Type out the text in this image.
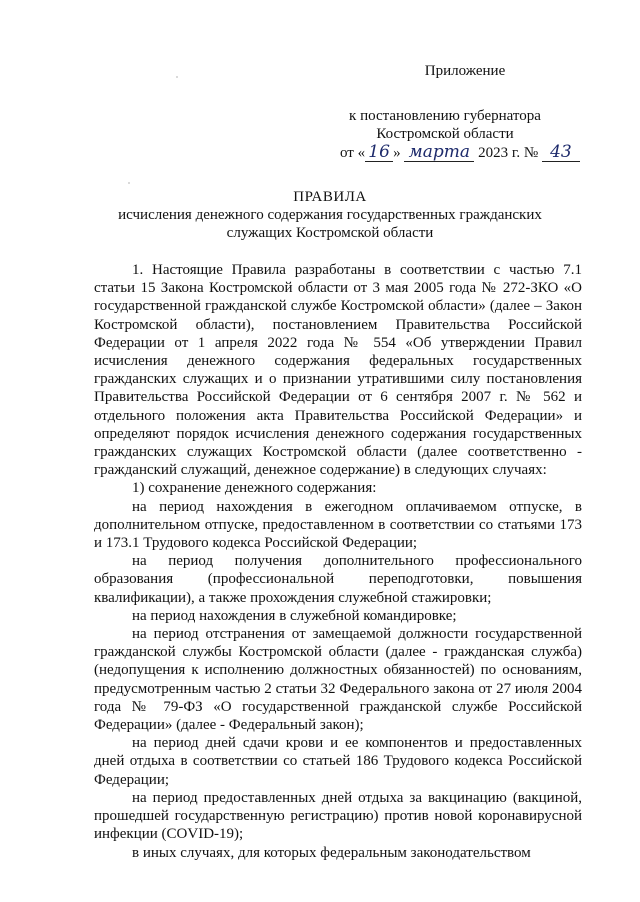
Приложение
к постановлению губернатора
Костромской области
от « 16 » марта 2023 г. № 43
ПРАВИЛА
исчисления денежного содержания государственных гражданских
служащих Костромской области

1. Настоящие Правила разработаны в соответствии с частью 7.1 статьи 15 Закона Костромской области от 3 мая 2005 года № 272-ЗКО «О государственной гражданской службе Костромской области» (далее – Закон Костромской области), постановлением Правительства Российской Федерации от 1 апреля 2022 года № 554 «Об утверждении Правил исчисления денежного содержания федеральных государственных гражданских служащих и о признании утратившими силу постановления Правительства Российской Федерации от 6 сентября 2007 г. № 562 и отдельного положения акта Правительства Российской Федерации» и определяют порядок исчисления денежного содержания государственных гражданских служащих Костромской области (далее соответственно - гражданский служащий, денежное содержание) в следующих случаях:

1) сохранение денежного содержания:

на период нахождения в ежегодном оплачиваемом отпуске, в дополнительном отпуске, предоставленном в соответствии со статьями 173 и 173.1 Трудового кодекса Российской Федерации;

на период получения дополнительного профессионального образования (профессиональной переподготовки, повышения квалификации), а также прохождения служебной стажировки;

на период нахождения в служебной командировке;

на период отстранения от замещаемой должности государственной гражданской службы Костромской области (далее - гражданская служба) (недопущения к исполнению должностных обязанностей) по основаниям, предусмотренным частью 2 статьи 32 Федерального закона от 27 июля 2004 года № 79-ФЗ «О государственной гражданской службе Российской Федерации» (далее - Федеральный закон);

на период дней сдачи крови и ее компонентов и предоставленных дней отдыха в соответствии со статьей 186 Трудового кодекса Российской Федерации;

на период предоставленных дней отдыха за вакцинацию (вакциной, прошедшей государственную регистрацию) против новой коронавирусной инфекции (COVID-19);

в иных случаях, для которых федеральным законодательством
